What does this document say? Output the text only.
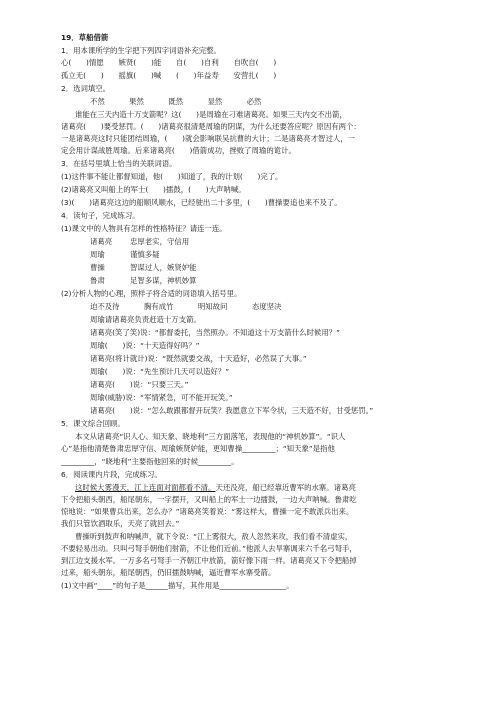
19．草船借箭
1．用本课所学的生字把下列四字词语补充完整。
心(　　)情愿　　嫉贤(　　)能　　自(　　)自利　　自吹自(　　)
孤立无(　　)　　摇旗(　　)喊　　(　　)年益寿　　安营扎(　　)
2．选词填空。
不然	果然	既然	显然	必然
谁能在三天内造十万支箭呢？这(　　)是周瑜在刁难诸葛亮。如果三天内交不出箭，
诸葛亮(　　)要受惩罚。(　　)诸葛亮很清楚周瑜的阴谋，为什么还要答应呢？原因有两个：
一是诸葛亮这时只能团结周瑜，(　　)就会影响联吴抗曹的大计；二是诸葛亮才智过人，一
定会用计谋战胜周瑜。后来诸葛亮(　　)借箭成功，挫败了周瑜的诡计。
3．在括号里填上恰当的关联词语。
(1)这件事不能让都督知道，他(　　)知道了，我的计划(　　)完了。
(2)诸葛亮又叫船上的军士(　　)擂鼓，(　　)大声呐喊。
(3)(　　)诸葛亮这边的船顺风顺水，已经驶出二十多里，(　　)曹操要追也来不及了。
4．读句子，完成练习。
(1)课文中的人物具有怎样的性格特征？请连一连。
诸葛亮 忠厚老实，守信用
周瑜	谨慎多疑
曹操	智谋过人，嫉贤妒能
鲁肃	足智多谋，神机妙算
(2)分析人物的心理，照样子将合适的词语填入括号里。
迫不及待	胸有成竹	明知故问	态度坚决
周瑜请诸葛亮负责赶造十万支箭。
诸葛亮(笑了笑)说：“都督委托，当然照办。不知道这十万支箭什么时候用？”
周瑜(　　)说：“十天造得好吗？”
诸葛亮(将计就计)说：“既然就要交战，十天造好，必然误了大事。”
周瑜(　　)说：“先生预计几天可以造好？”
诸葛亮(　　)说：“只要三天。”
周瑜(威胁)说：“军情紧急，可不能开玩笑。”
诸葛亮(　　)说：“怎么敢跟都督开玩笑？我愿意立下军令状，三天造不好，甘受惩罚。”
5．课文综合回顾。
本文从诸葛亮“识人心、知天象、晓地利”三方面落笔，表现他的“神机妙算”。“识人
心”是指他清楚鲁肃忠厚守信、周瑜嫉贤妒能，更知曹操_________；“知天象”是指他
_________，“晓地利”主要指他回来的时候_________。
6．阅读课内片段，完成练习。
这时候大雾漫天，江上连面对面都看不清。天还没亮，船已经靠近曹军的水寨。诸葛亮
下令把船头朝西，船尾朝东，一字摆开，又叫船上的军士一边擂鼓，一边大声呐喊。鲁肃吃
惊地说：“如果曹兵出来，怎么办？”诸葛亮笑着说：“雾这样大，曹操一定不敢派兵出来。
我们只管饮酒取乐，天亮了就回去。”
曹操听到鼓声和呐喊声，就下令说：“江上雾很大，敌人忽然来攻，我们看不清虚实，
不要轻易出动。只叫弓弩手朝他们射箭，不让他们近前。”他派人去旱寨调来六千名弓弩手，
到江边支援水军。一万多名弓弩手一齐朝江中放箭，箭好像下雨一样。诸葛亮又下令把船掉
过来，船头朝东，船尾朝西，仍旧擂鼓呐喊，逼近曹军水寨受箭。
(1)文中画“____”的句子是______描写，其作用是__________________。
